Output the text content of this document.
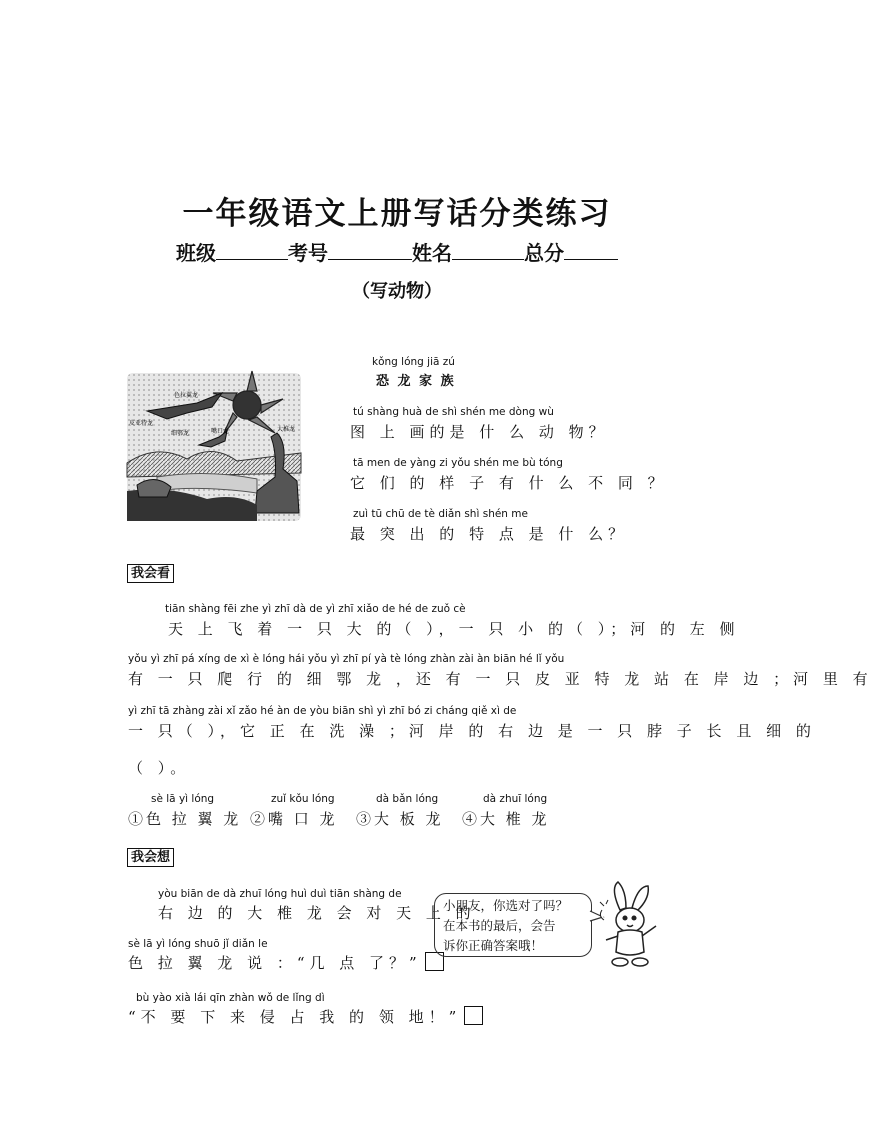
一年级语文上册写话分类练习
班级	考号	姓名	总分
（写动物）
色拉翼龙
细鄂龙
皮亚特龙
嘴口龙	大椎龙
kǒng lóng jiā zú
恐 龙 家 族
tú shàng huà de shì shén me dòng wù
图 上 画的是 什 么 动 物？
tā men de yàng zi yǒu shén me bù tóng
它 们 的 样 子 有 什 么 不 同 ？
zuì tū chū de tè diǎn shì shén me
最 突 出 的 特 点 是 什 么？
我会看
tiān shàng fēi zhe yì zhī dà de yì zhī xiǎo de hé de zuǒ cè
天 上 飞 着 一 只 大 的（ ），一 只 小 的（ ）；河 的 左 侧
yǒu yì zhī pá xíng de xì è lóng hái yǒu yì zhī pí yà tè lóng zhàn zài àn biān hé lǐ yǒu
有 一 只 爬 行 的 细 鄂 龙 ，还 有 一 只 皮 亚 特 龙 站 在 岸 边 ；河 里 有
yì zhī tā zhàng zài xǐ zǎo hé àn de yòu biān shì yì zhī bó zi cháng qiě xì de
一 只（ ），它 正 在 洗 澡 ；河 岸 的 右 边 是 一 只 脖 子 长 且 细 的
（ ）。
sè lā yì lóng
①色 拉 翼 龙
zuǐ kǒu lóng
②嘴 口 龙
dà bǎn lóng
③大 板 龙
dà zhuī lóng
④大 椎 龙
我会想
yòu biān de dà zhuī lóng huì duì tiān shàng de
右 边 的 大 椎 龙 会 对 天 上 的
sè lā yì lóng shuō jǐ diǎn le
色 拉 翼 龙 说 ：“几 点 了？”
bù yào xià lái qīn zhàn wǒ de lǐng dì
“不 要 下 来 侵 占 我 的 领 地！”
小朋友，你选对了吗？
在本书的最后，会告
诉你正确答案哦！
